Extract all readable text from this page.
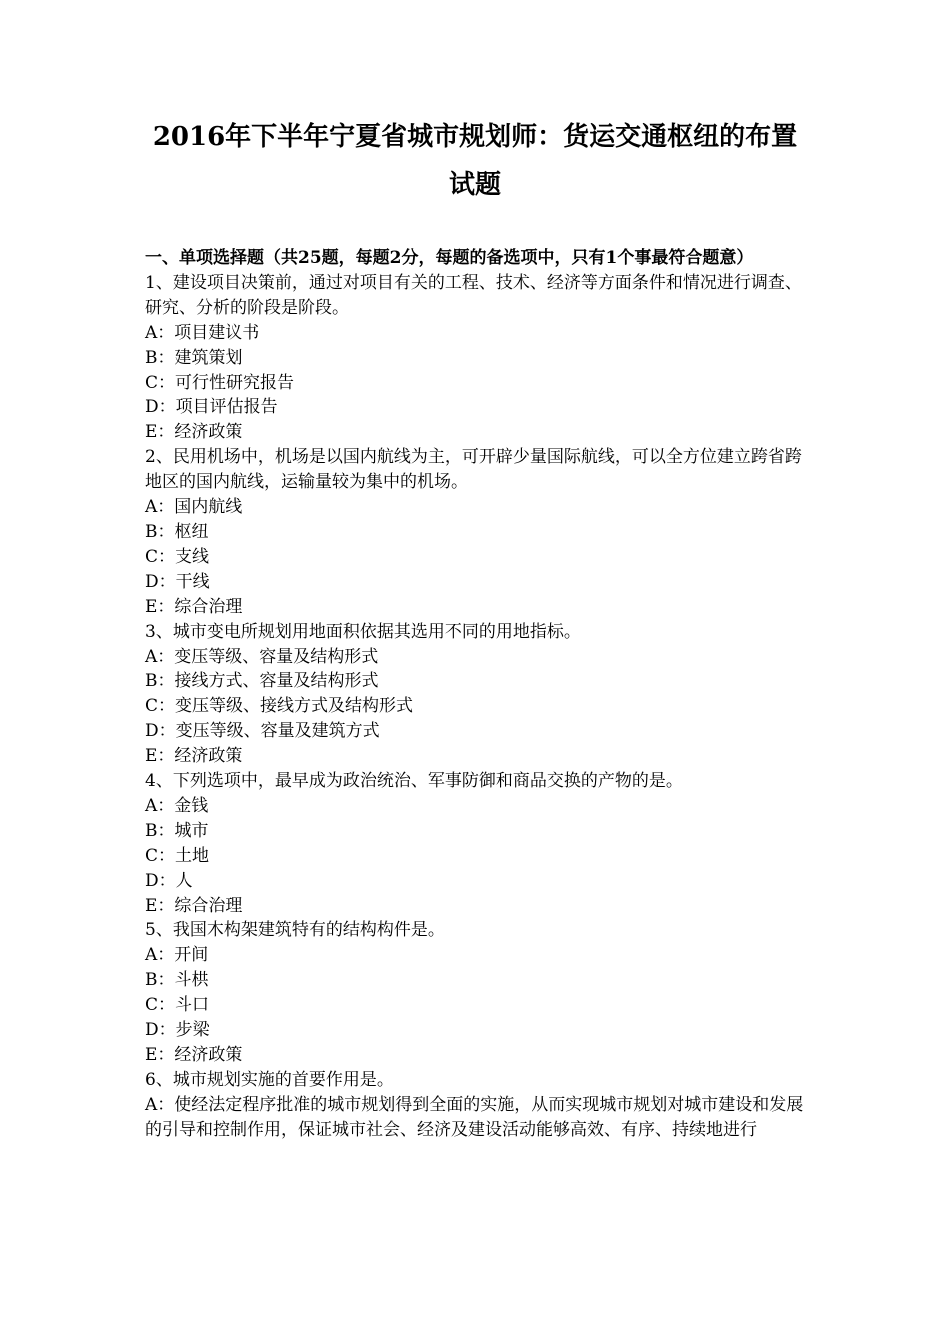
2016年下半年宁夏省城市规划师：货运交通枢纽的布置试题

一、单项选择题（共25题，每题2分，每题的备选项中，只有1个事最符合题意）

1、建设项目决策前，通过对项目有关的工程、技术、经济等方面条件和情况进行调查、研究、分析的阶段是阶段。

A：项目建议书

B：建筑策划

C：可行性研究报告

D：项目评估报告

E：经济政策

2、民用机场中，机场是以国内航线为主，可开辟少量国际航线，可以全方位建立跨省跨地区的国内航线，运输量较为集中的机场。

A：国内航线

B：枢纽

C：支线

D：干线

E：综合治理

3、城市变电所规划用地面积依据其选用不同的用地指标。

A：变压等级、容量及结构形式

B：接线方式、容量及结构形式

C：变压等级、接线方式及结构形式

D：变压等级、容量及建筑方式

E：经济政策

4、下列选项中，最早成为政治统治、军事防御和商品交换的产物的是。

A：金钱

B：城市

C：土地

D：人

E：综合治理

5、我国木构架建筑特有的结构构件是。

A：开间

B：斗栱

C：斗口

D：步梁

E：经济政策

6、城市规划实施的首要作用是。

A：使经法定程序批准的城市规划得到全面的实施，从而实现城市规划对城市建设和发展的引导和控制作用，保证城市社会、经济及建设活动能够高效、有序、持续地进行
